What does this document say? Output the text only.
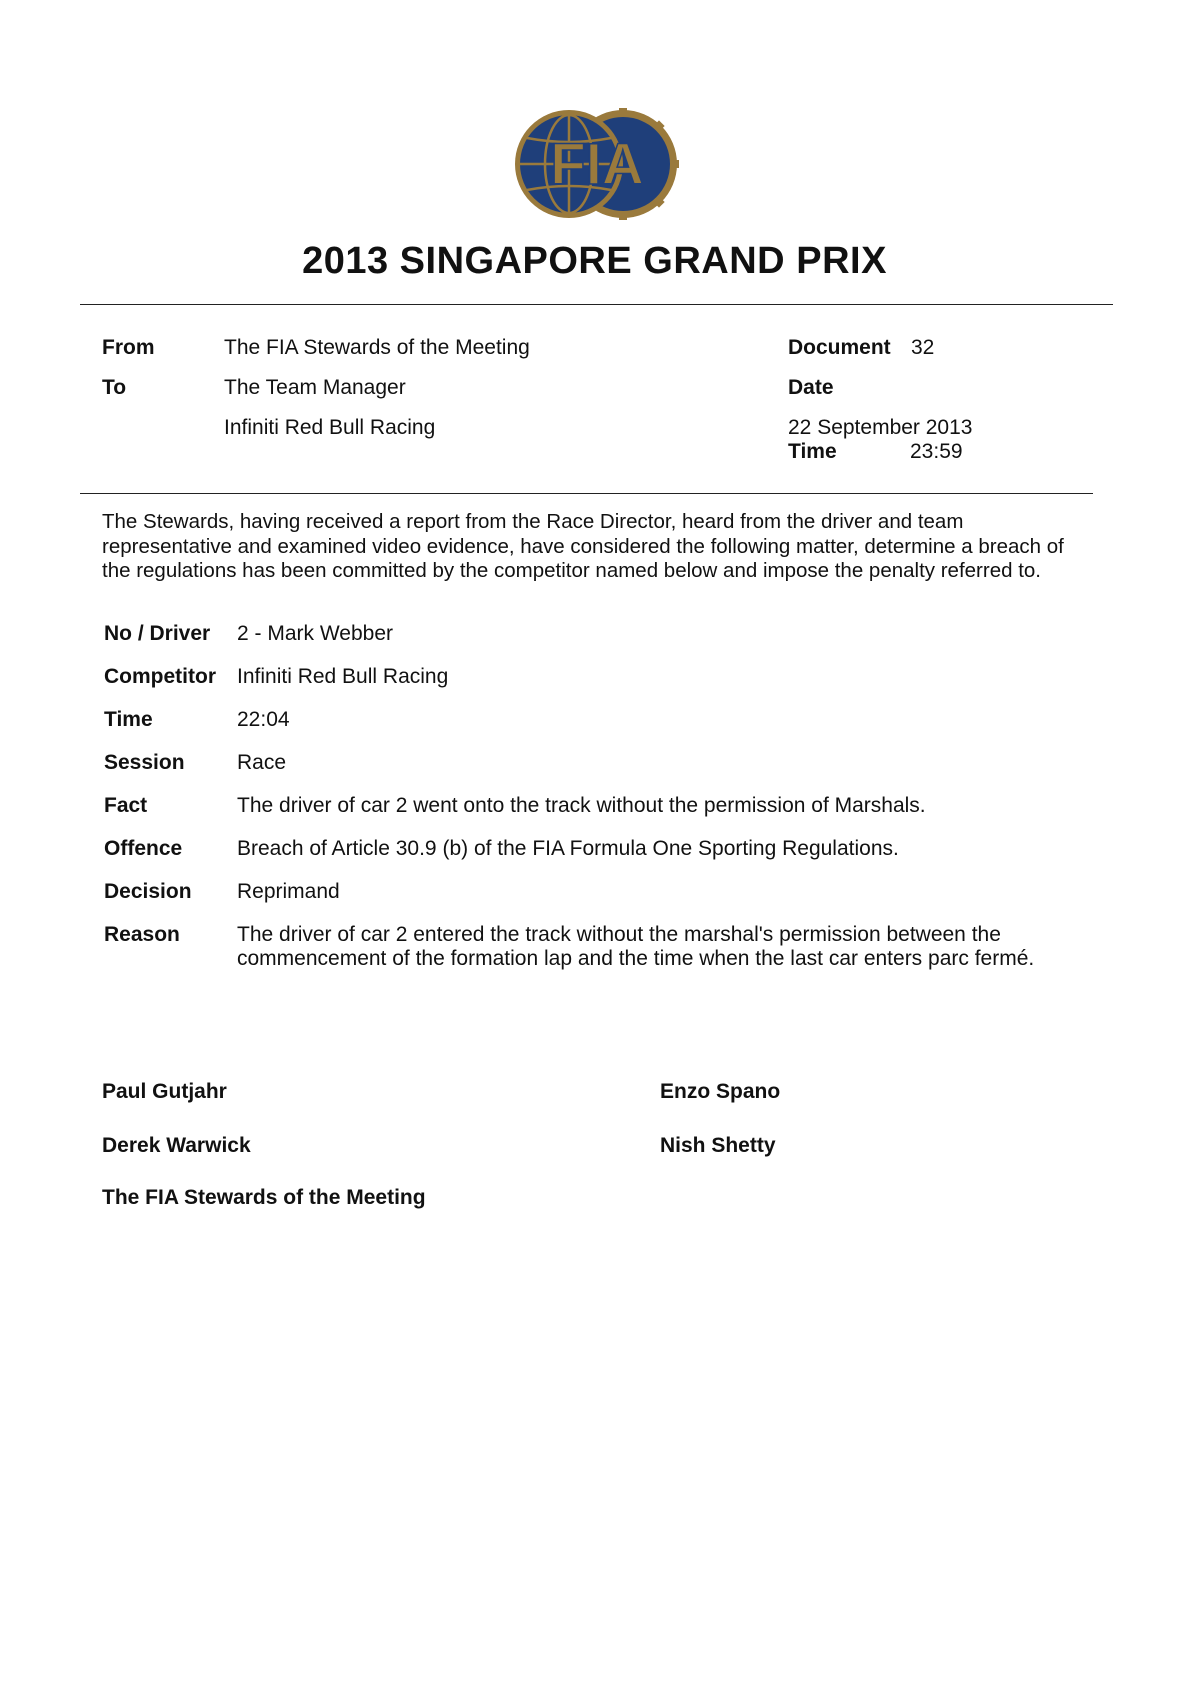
FIA
2013 SINGAPORE GRAND PRIX
From	The FIA Stewards of the Meeting
To	The Team Manager
Infiniti Red Bull Racing
Document 32
Date
22 September 2013
Time	23:59
The Stewards, having received a report from the Race Director, heard from the driver and team representative and examined video evidence, have considered the following matter, determine a breach of the regulations has been committed by the competitor named below and impose the penalty referred to.
No / Driver	2 - Mark Webber
Competitor	Infiniti Red Bull Racing
Time	22:04
Session	Race
Fact	The driver of car 2 went onto the track without the permission of Marshals.
Offence	Breach of Article 30.9 (b) of the FIA Formula One Sporting Regulations.
Decision	Reprimand
Reason	The driver of car 2 entered the track without the marshal's permission between the commencement of the formation lap and the time when the last car enters parc fermé.
Paul Gutjahr	Enzo Spano
Derek Warwick	Nish Shetty
The FIA Stewards of the Meeting
